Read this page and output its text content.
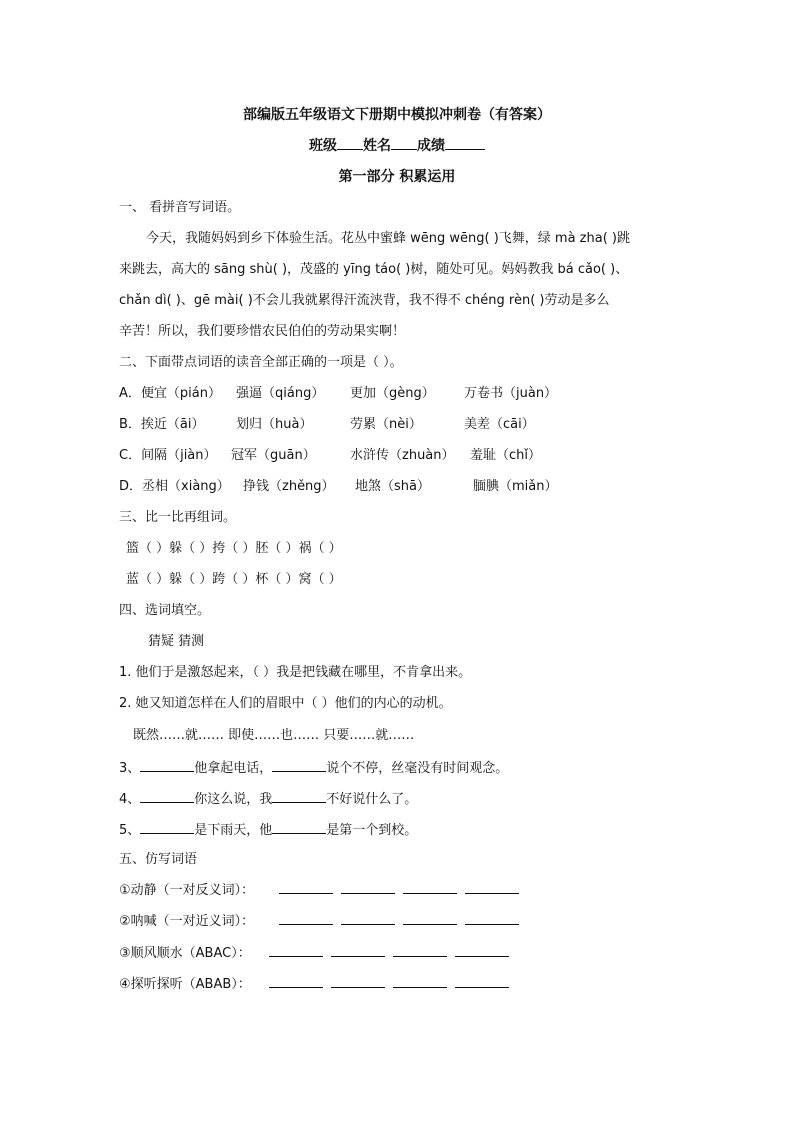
部编版五年级语文下册期中模拟冲刺卷（有答案）
班级 姓名 成绩
第一部分 积累运用
一、 看拼音写词语。
今天，我随妈妈到乡下体验生活。花丛中蜜蜂 wēng wēng( )飞舞，绿 mà zha( )跳
来跳去，高大的 sāng shù( )，茂盛的 yīng táo( )树，随处可见。妈妈教我 bá cǎo( )、
chǎn dì( )、gē mài( )不会儿我就累得汗流浃背，我不得不 chéng rèn( )劳动是多么
辛苦！所以，我们要珍惜农民伯伯的劳动果实啊！
二、下面带点词语的读音全部正确的一项是（ ）。
A．便宜（pián） 强逼（qiáng） 更加（gèng） 万卷书（juàn）
B．挨近（āi） 划归（huà）	劳累（nèi）	美差（cāi）
C．间隔（jiàn） 冠军（guān）	水浒传（zhuàn） 羞耻（chǐ）
D．丞相（xiàng） 挣钱（zhěng） 地煞（shā）	腼腆（miǎn）
三、比一比再组词。
篮（ ）躲（ ）挎（ ）胚（ ）祸（ ）
蓝（ ）躲（ ）跨（ ）杯（ ）窝（ ）
四、选词填空。
猜疑 猜测
1. 他们于是激怒起来，（ ）我是把钱藏在哪里，不肯拿出来。
2. 她又知道怎样在人们的眉眼中（ ）他们的内心的动机。
既然……就…… 即使……也…… 只要……就……
3、	他拿起电话，	说个不停，丝毫没有时间观念。
4、	你这么说，我	不好说什么了。
5、	是下雨天，他	是第一个到校。
五、仿写词语
①动静（一对反义词）：
②呐喊（一对近义词）：
③顺风顺水（ABAC）：
④探听探听（ABAB）：
